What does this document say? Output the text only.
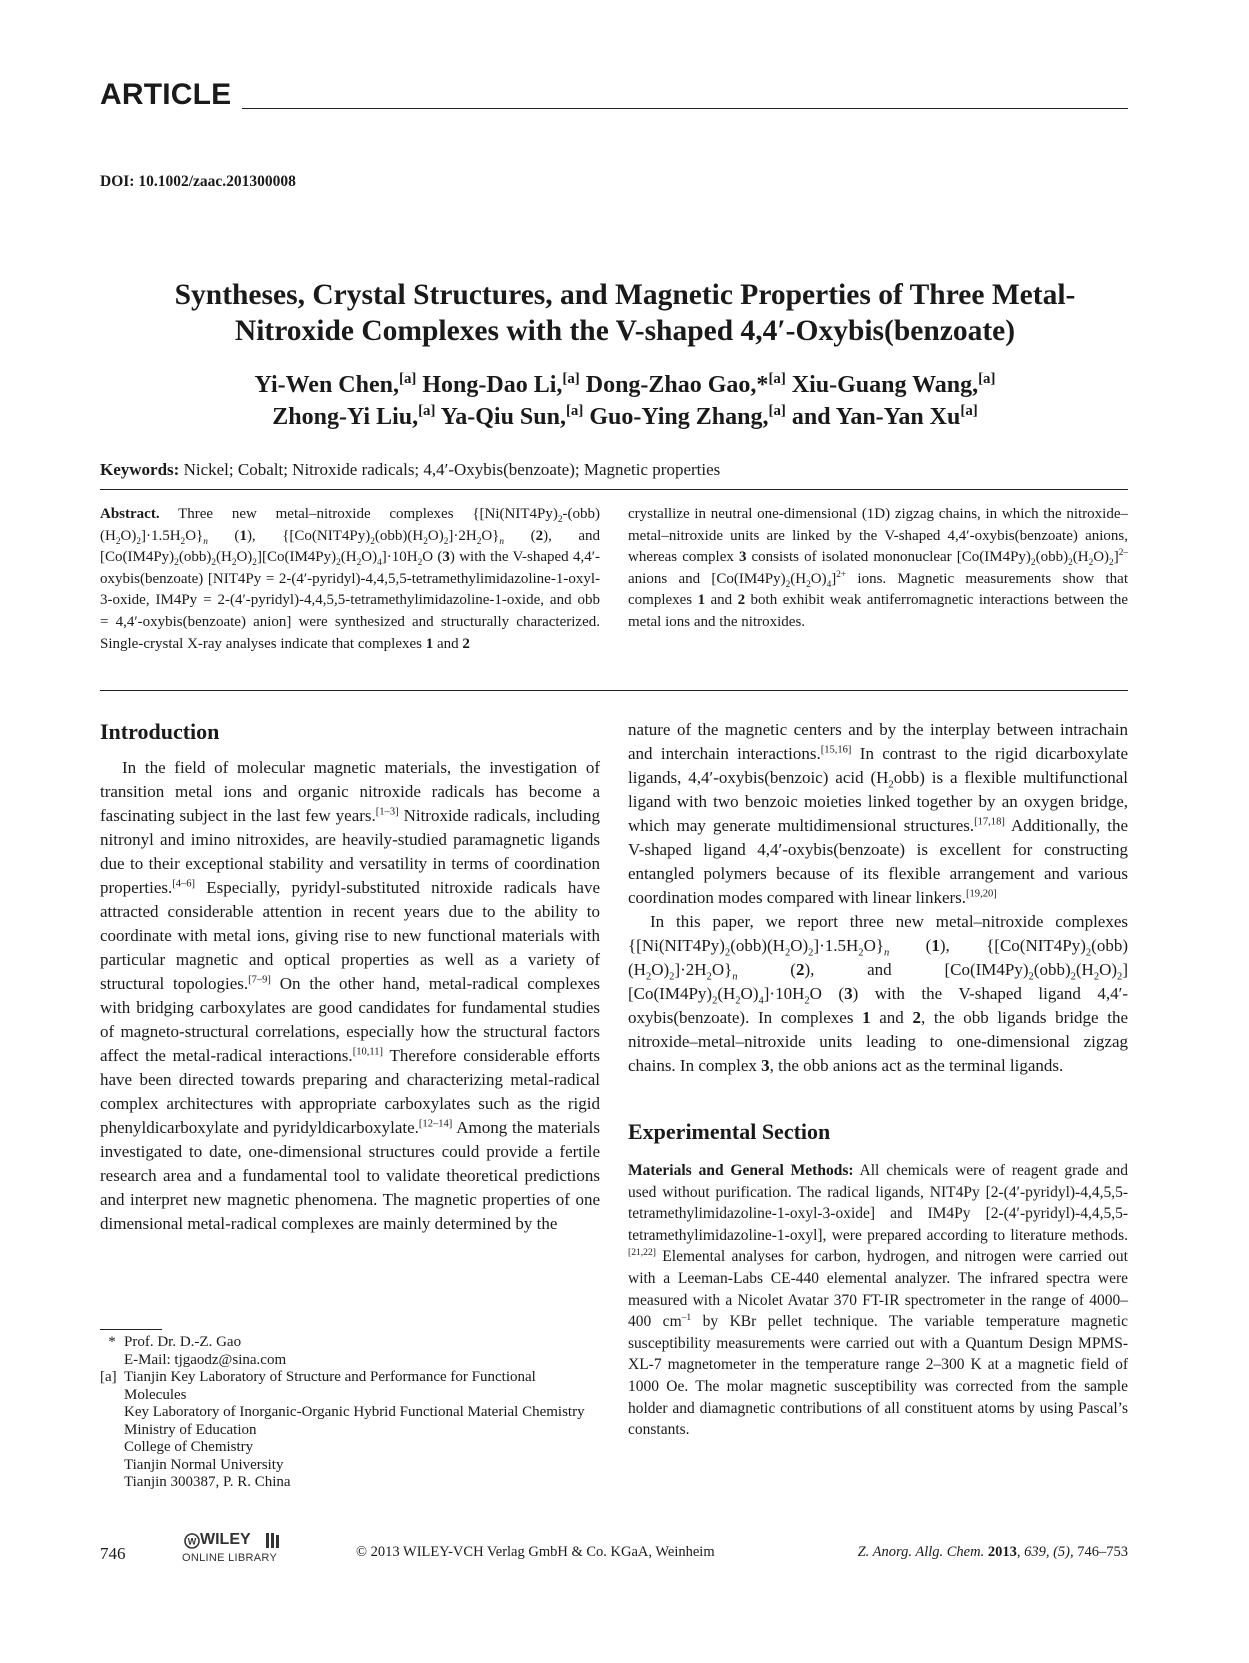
ARTICLE
DOI: 10.1002/zaac.201300008
Syntheses, Crystal Structures, and Magnetic Properties of Three Metal-
Nitroxide Complexes with the V-shaped 4,4′-Oxybis(benzoate)
Yi-Wen Chen,[a] Hong-Dao Li,[a] Dong-Zhao Gao,*[a] Xiu-Guang Wang,[a]
Zhong-Yi Liu,[a] Ya-Qiu Sun,[a] Guo-Ying Zhang,[a] and Yan-Yan Xu[a]
Keywords: Nickel; Cobalt; Nitroxide radicals; 4,4′-Oxybis(benzoate); Magnetic properties

Abstract. Three new metal–nitroxide complexes $\{[Ni(NIT4Py)_2-(obb)(H_2O)_2]\cdot 1.5H_2O\}_n$ (1), $\{[Co(NIT4Py)_2(obb)(H_2O)_2]\cdot 2H_2O\}_n$ (2), and $[Co(IM4Py)_2(obb)_2(H_2O)_2][Co(IM4Py)_2(H_2O)_4]\cdot 10H_2O$ (3) with the V-shaped 4,4′-oxybis(benzoate) [NIT4Py = 2-(4′-pyridyl)-4,4,5,5-tetramethylimidazoline-1-oxyl-3-oxide, IM4Py = 2-(4′-pyridyl)-4,4,5,5-tetramethylimidazoline-1-oxide, and obb = 4,4′-oxybis(benzoate) anion] were synthesized and structurally characterized. Single-crystal X-ray analyses indicate that complexes 1 and 2

crystallize in neutral one-dimensional (1D) zigzag chains, in which the nitroxide–metal–nitroxide units are linked by the V-shaped 4,4′-oxybis(benzoate) anions, whereas complex 3 consists of isolated mononuclear $[Co(IM4Py)_2(obb)_2(H_2O)_2]^{2-}$ anions and $[Co(IM4Py)_2(H_2O)_4]^{2+}$ ions. Magnetic measurements show that complexes 1 and 2 both exhibit weak antiferromagnetic interactions between the metal ions and the nitroxides.

Introduction

In the field of molecular magnetic materials, the investigation of transition metal ions and organic nitroxide radicals has become a fascinating subject in the last few years.[1–3] Nitroxide radicals, including nitronyl and imino nitroxides, are heavily-studied paramagnetic ligands due to their exceptional stability and versatility in terms of coordination properties.[4–6] Especially, pyridyl-substituted nitroxide radicals have attracted considerable attention in recent years due to the ability to coordinate with metal ions, giving rise to new functional materials with particular magnetic and optical properties as well as a variety of structural topologies.[7–9] On the other hand, metal-radical complexes with bridging carboxylates are good candidates for fundamental studies of magneto-structural correlations, especially how the structural factors affect the metal-radical interactions.[10,11] Therefore considerable efforts have been directed towards preparing and characterizing metal-radical complex architectures with appropriate carboxylates such as the rigid phenyldicarboxylate and pyridyldicarboxylate.[12–14] Among the materials investigated to date, one-dimensional structures could provide a fertile research area and a fundamental tool to validate theoretical predictions and interpret new magnetic phenomena. The magnetic properties of one dimensional metal-radical complexes are mainly determined by the

* Prof. Dr. D.-Z. Gao
E-Mail: tjgaodz@sina.com
[a] Tianjin Key Laboratory of Structure and Performance for Functional Molecules
Key Laboratory of Inorganic-Organic Hybrid Functional Material Chemistry
Ministry of Education
College of Chemistry
Tianjin Normal University
Tianjin 300387, P. R. China

nature of the magnetic centers and by the interplay between intrachain and interchain interactions.[15,16] In contrast to the rigid dicarboxylate ligands, 4,4′-oxybis(benzoic) acid $(H_2obb)$ is a flexible multifunctional ligand with two benzoic moieties linked together by an oxygen bridge, which may generate multidimensional structures.[17,18] Additionally, the V-shaped ligand 4,4′-oxybis(benzoate) is excellent for constructing entangled polymers because of its flexible arrangement and various coordination modes compared with linear linkers.[19,20]

In this paper, we report three new metal–nitroxide complexes $\{[Ni(NIT4Py)_2(obb)(H_2O)_2]\cdot 1.5H_2O\}_n$ (1), $\{[Co(NIT4Py)_2(obb)(H_2O)_2]\cdot 2H_2O\}_n$ (2), and $[Co(IM4Py)_2(obb)_2(H_2O)_2][Co(IM4Py)_2(H_2O)_4]\cdot 10H_2O$ (3) with the V-shaped ligand 4,4′-oxybis(benzoate). In complexes 1 and 2, the obb ligands bridge the nitroxide–metal–nitroxide units leading to one-dimensional zigzag chains. In complex 3, the obb anions act as the terminal ligands.

Experimental Section

Materials and General Methods: All chemicals were of reagent grade and used without purification. The radical ligands, NIT4Py [2-(4′-pyridyl)-4,4,5,5-tetramethylimidazoline-1-oxyl-3-oxide] and IM4Py [2-(4′-pyridyl)-4,4,5,5-tetramethylimidazoline-1-oxyl], were prepared according to literature methods.[21,22] Elemental analyses for carbon, hydrogen, and nitrogen were carried out with a Leeman-Labs CE-440 elemental analyzer. The infrared spectra were measured with a Nicolet Avatar 370 FT-IR spectrometer in the range of 4000–400 $cm^{-1}$ by KBr pellet technique. The variable temperature magnetic susceptibility measurements were carried out with a Quantum Design MPMS-XL-7 magnetometer in the temperature range 2–300 K at a magnetic field of 1000 Oe. The molar magnetic susceptibility was corrected from the sample holder and diamagnetic contributions of all constituent atoms by using Pascal’s constants.

746
W WILEY
ONLINE LIBRARY	© 2013 WILEY-VCH Verlag GmbH & Co. KGaA, Weinheim	Z. Anorg. Allg. Chem. 2013, 639, (5), 746–753
